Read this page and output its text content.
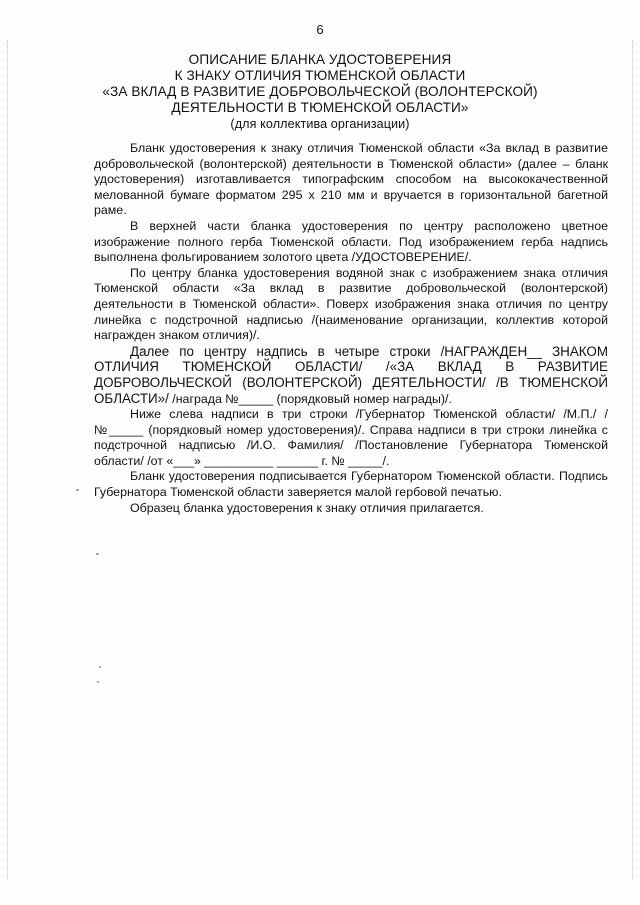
6
ОПИСАНИЕ БЛАНКА УДОСТОВЕРЕНИЯ
К ЗНАКУ ОТЛИЧИЯ ТЮМЕНСКОЙ ОБЛАСТИ
«ЗА ВКЛАД В РАЗВИТИЕ ДОБРОВОЛЬЧЕСКОЙ (ВОЛОНТЕРСКОЙ)
ДЕЯТЕЛЬНОСТИ В ТЮМЕНСКОЙ ОБЛАСТИ»
(для коллектива организации)

Бланк удостоверения к знаку отличия Тюменской области «За вклад в развитие добровольческой (волонтерской) деятельности в Тюменской области» (далее – бланк удостоверения) изготавливается типографским способом на высококачественной мелованной бумаге форматом 295 х 210 мм и вручается в горизонтальной багетной раме.

В верхней части бланка удостоверения по центру расположено цветное изображение полного герба Тюменской области. Под изображением герба надпись выполнена фольгированием золотого цвета /УДОСТОВЕРЕНИЕ/.

По центру бланка удостоверения водяной знак с изображением знака отличия Тюменской области «За вклад в развитие добровольческой (волонтерской) деятельности в Тюменской области». Поверх изображения знака отличия по центру линейка с подстрочной надписью /(наименование организации, коллектив которой награжден знаком отличия)/.

Далее по центру надпись в четыре строки /НАГРАЖДЕН__ ЗНАКОМ ОТЛИЧИЯ ТЮМЕНСКОЙ ОБЛАСТИ/ /«ЗА ВКЛАД В РАЗВИТИЕ ДОБРОВОЛЬЧЕСКОЙ (ВОЛОНТЕРСКОЙ) ДЕЯТЕЛЬНОСТИ/ /В ТЮМЕНСКОЙ ОБЛАСТИ»/ /награда №_____ (порядковый номер награды)/.

Ниже слева надписи в три строки /Губернатор Тюменской области/ /М.П./ /№_____ (порядковый номер удостоверения)/. Справа надписи в три строки линейка с подстрочной надписью /И.О. Фамилия/ /Постановление Губернатора Тюменской области/ /от «___» __________ ______ г. № _____/.

Бланк удостоверения подписывается Губернатором Тюменской области. Подпись Губернатора Тюменской области заверяется малой гербовой печатью.

Образец бланка удостоверения к знаку отличия прилагается.
